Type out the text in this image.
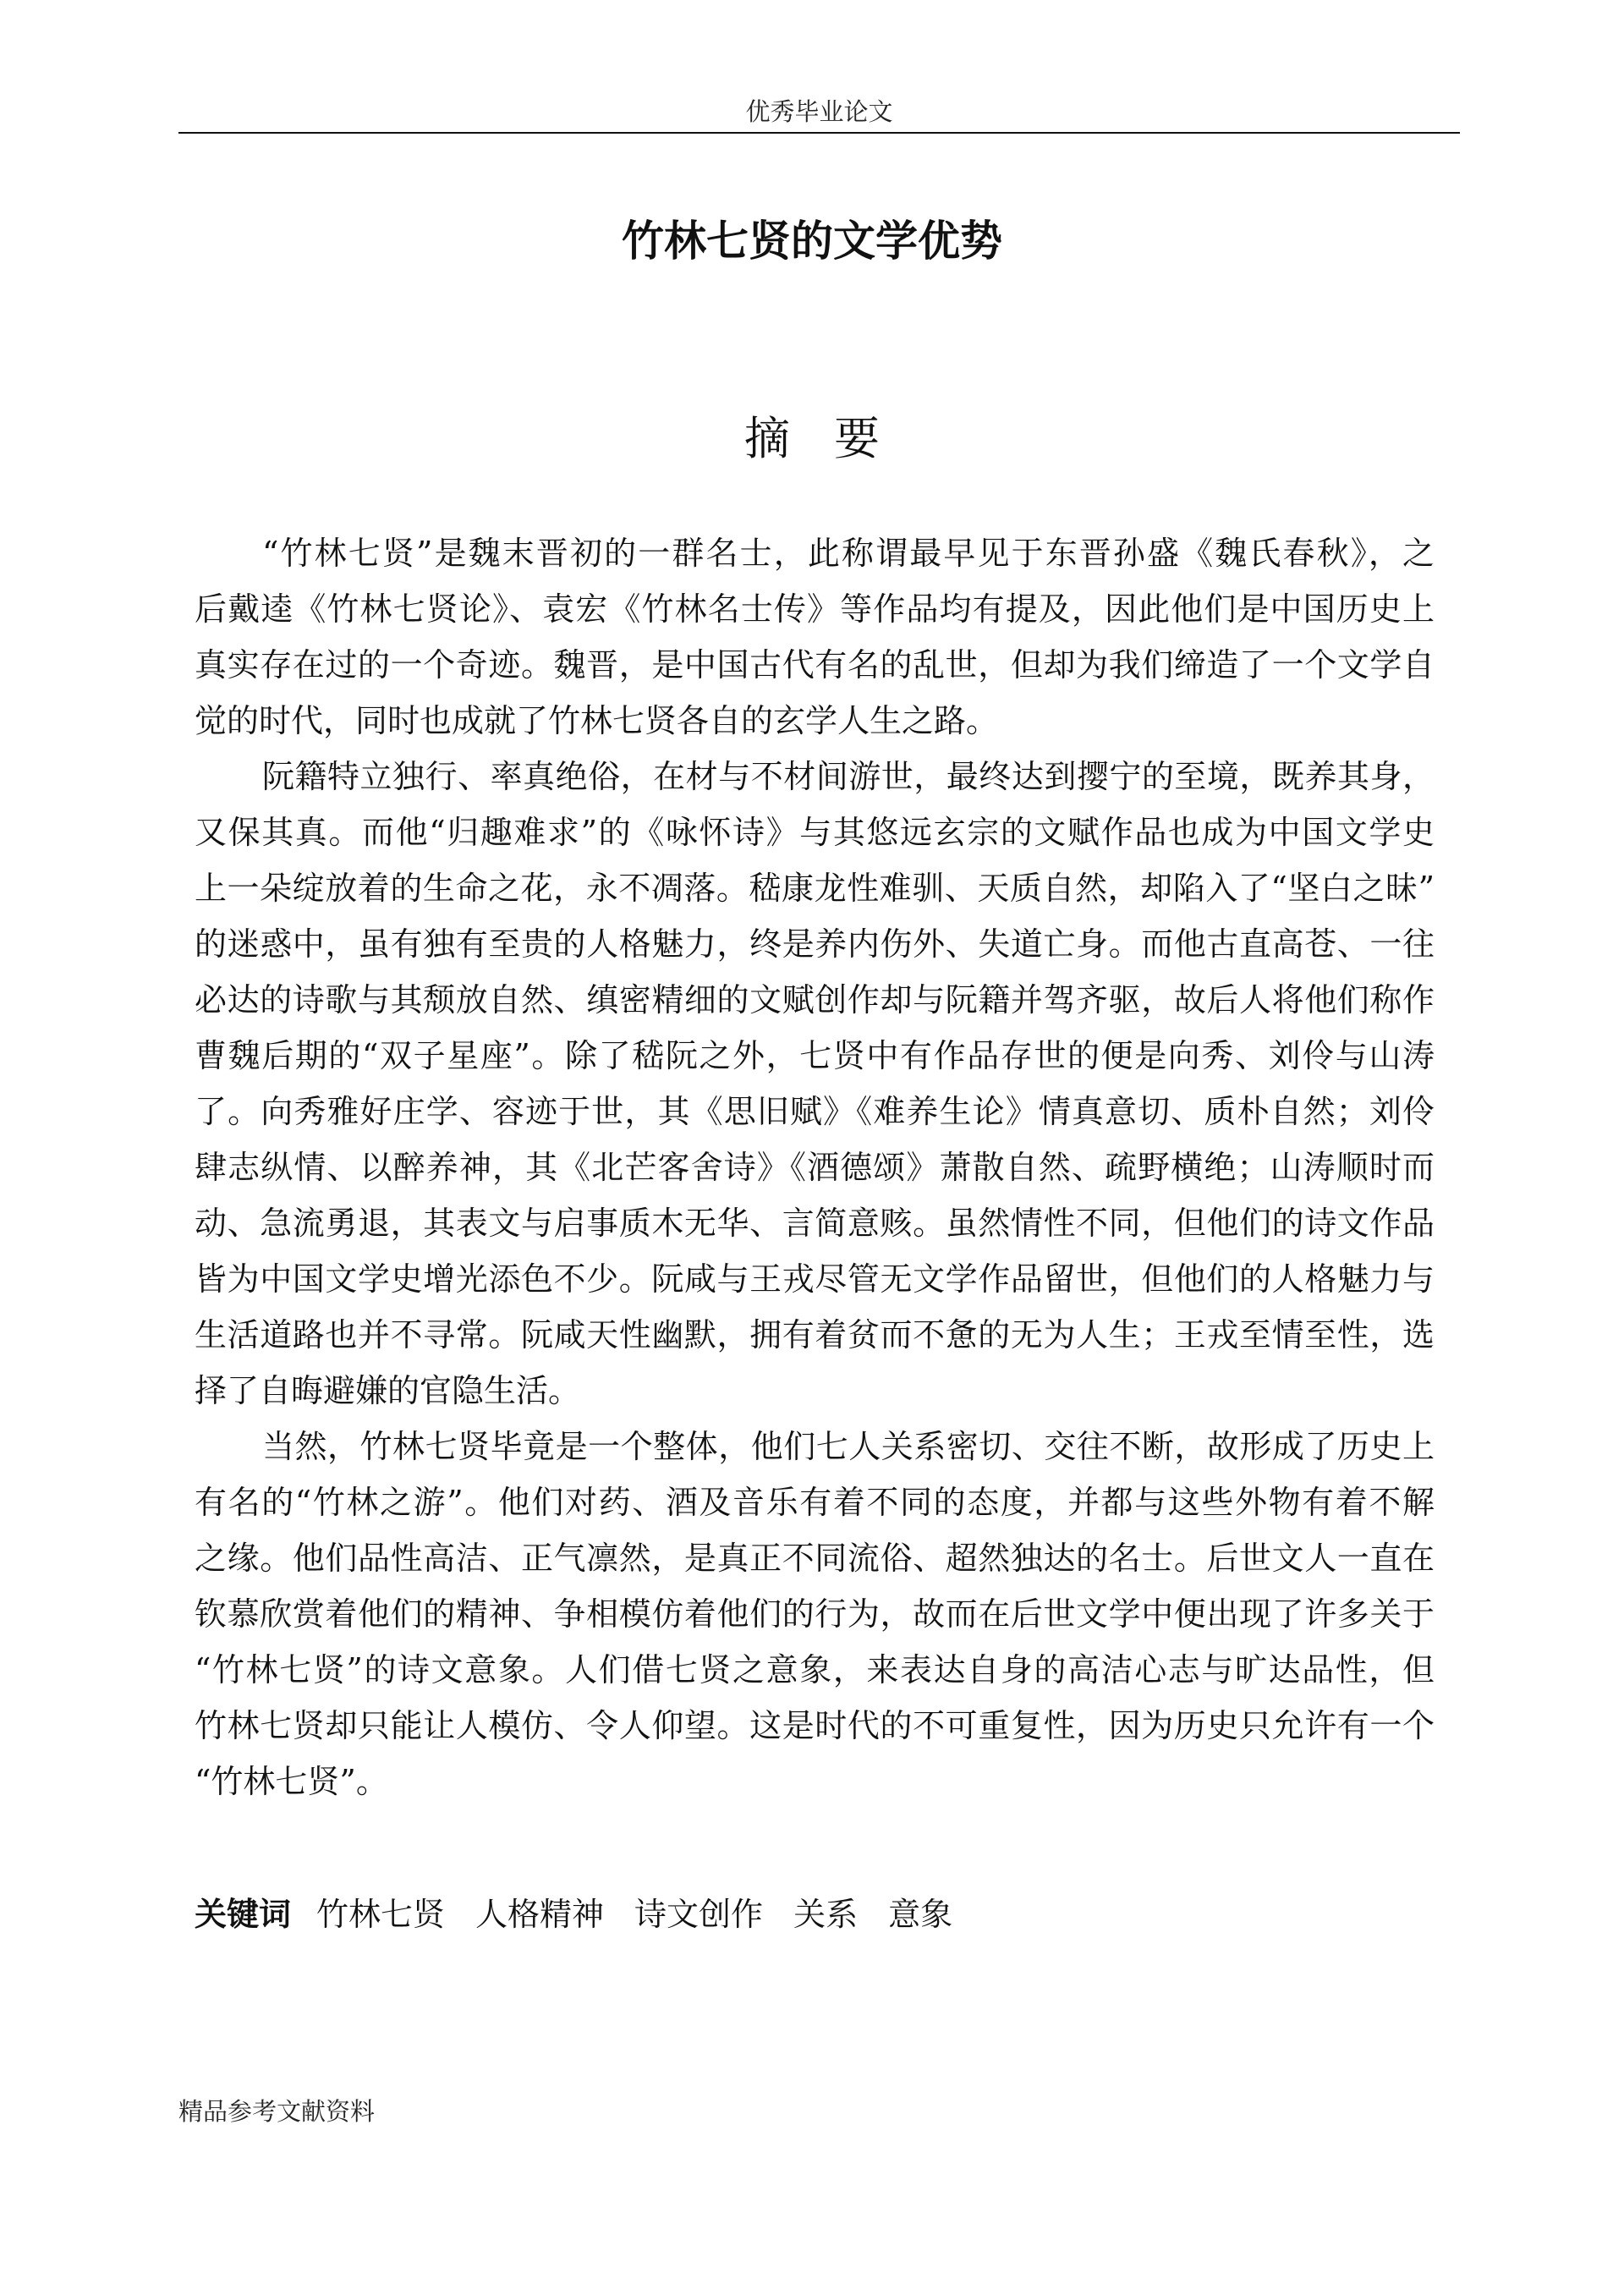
优秀毕业论文
竹林七贤的文学优势
摘 要
“竹林七贤”是魏末晋初的一群名士，此称谓最早见于东晋孙盛《魏氏春秋》，之
后戴逵《竹林七贤论》、袁宏《竹林名士传》等作品均有提及，因此他们是中国历史上
真实存在过的一个奇迹。魏晋，是中国古代有名的乱世，但却为我们缔造了一个文学自
觉的时代，同时也成就了竹林七贤各自的玄学人生之路。
阮籍特立独行、率真绝俗，在材与不材间游世，最终达到撄宁的至境，既养其身，
又保其真。而他“归趣难求”的《咏怀诗》与其悠远玄宗的文赋作品也成为中国文学史
上一朵绽放着的生命之花，永不凋落。嵇康龙性难驯、天质自然，却陷入了“坚白之昧”
的迷惑中，虽有独有至贵的人格魅力，终是养内伤外、失道亡身。而他古直高苍、一往
必达的诗歌与其颓放自然、缜密精细的文赋创作却与阮籍并驾齐驱，故后人将他们称作
曹魏后期的“双子星座”。除了嵇阮之外，七贤中有作品存世的便是向秀、刘伶与山涛
了。向秀雅好庄学、容迹于世，其《思旧赋》《难养生论》情真意切、质朴自然；刘伶
肆志纵情、以醉养神，其《北芒客舍诗》《酒德颂》萧散自然、疏野横绝；山涛顺时而
动、急流勇退，其表文与启事质木无华、言简意赅。虽然情性不同，但他们的诗文作品
皆为中国文学史增光添色不少。阮咸与王戎尽管无文学作品留世，但他们的人格魅力与
生活道路也并不寻常。阮咸天性幽默，拥有着贫而不惫的无为人生；王戎至情至性，选
择了自晦避嫌的官隐生活。
当然，竹林七贤毕竟是一个整体，他们七人关系密切、交往不断，故形成了历史上
有名的“竹林之游”。他们对药、酒及音乐有着不同的态度，并都与这些外物有着不解
之缘。他们品性高洁、正气凛然，是真正不同流俗、超然独达的名士。后世文人一直在
钦慕欣赏着他们的精神、争相模仿着他们的行为，故而在后世文学中便出现了许多关于
“竹林七贤”的诗文意象。人们借七贤之意象，来表达自身的高洁心志与旷达品性，但
竹林七贤却只能让人模仿、令人仰望。这是时代的不可重复性，因为历史只允许有一个
“竹林七贤”。
关键词 竹林七贤 人格精神 诗文创作 关系 意象
精品参考文献资料
